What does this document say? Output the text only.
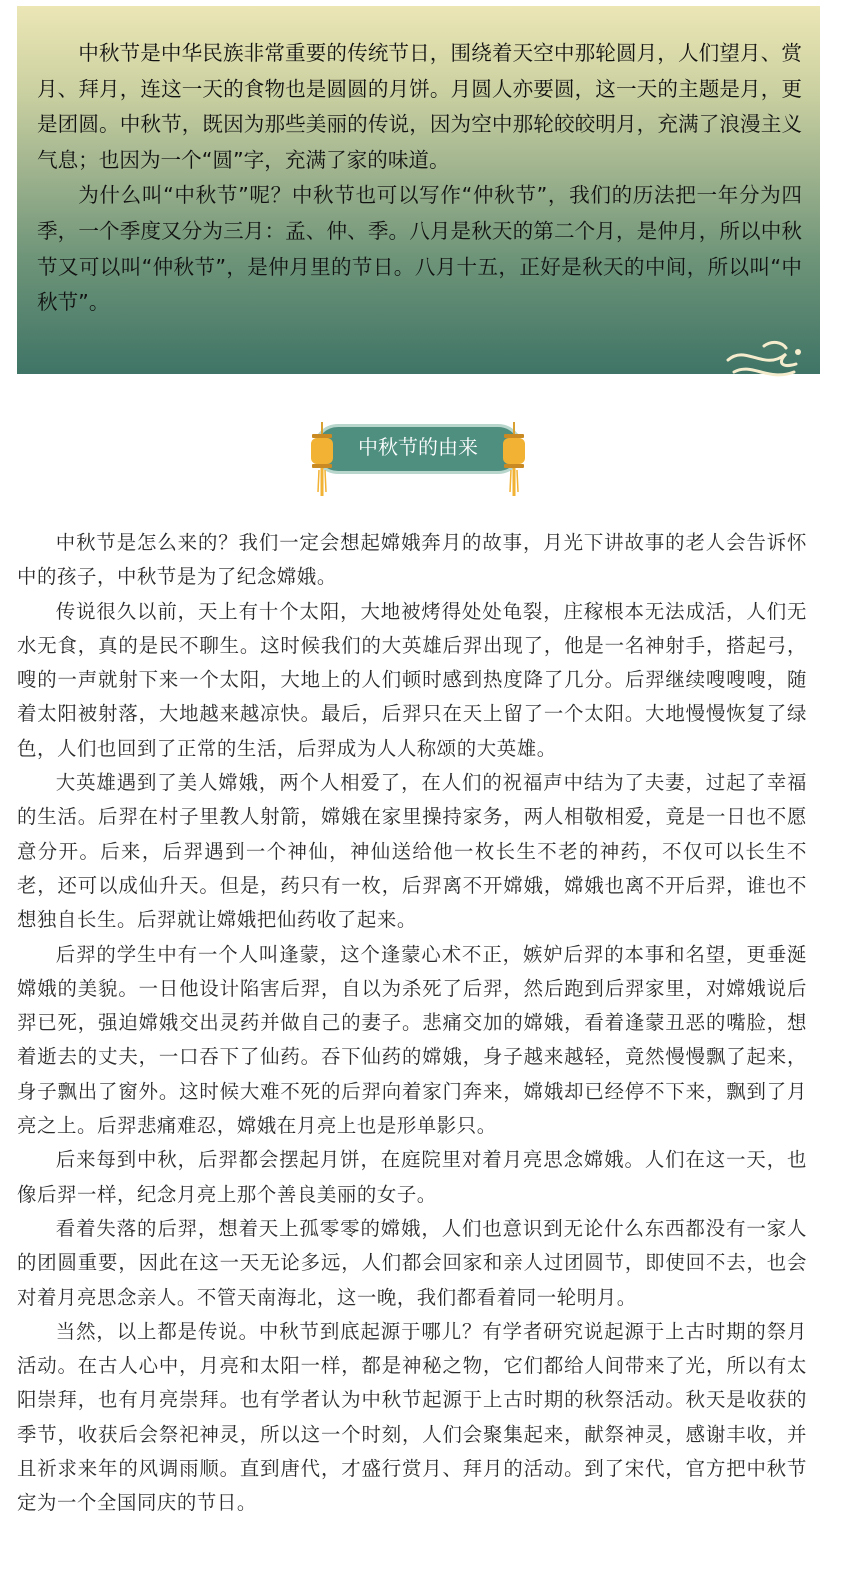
中秋节是中华民族非常重要的传统节日，围绕着天空中那轮圆月，人们望月、赏月、拜月，连这一天的食物也是圆圆的月饼。月圆人亦要圆，这一天的主题是月，更是团圆。中秋节，既因为那些美丽的传说，因为空中那轮皎皎明月，充满了浪漫主义气息；也因为一个“圆”字，充满了家的味道。

为什么叫“中秋节”呢？中秋节也可以写作“仲秋节”，我们的历法把一年分为四季，一个季度又分为三月：孟、仲、季。八月是秋天的第二个月，是仲月，所以中秋节又可以叫“仲秋节”，是仲月里的节日。八月十五，正好是秋天的中间，所以叫“中秋节”。

中秋节的由来

中秋节是怎么来的？我们一定会想起嫦娥奔月的故事，月光下讲故事的老人会告诉怀中的孩子，中秋节是为了纪念嫦娥。

传说很久以前，天上有十个太阳，大地被烤得处处龟裂，庄稼根本无法成活，人们无水无食，真的是民不聊生。这时候我们的大英雄后羿出现了，他是一名神射手，搭起弓，嗖的一声就射下来一个太阳，大地上的人们顿时感到热度降了几分。后羿继续嗖嗖嗖，随着太阳被射落，大地越来越凉快。最后，后羿只在天上留了一个太阳。大地慢慢恢复了绿色，人们也回到了正常的生活，后羿成为人人称颂的大英雄。

大英雄遇到了美人嫦娥，两个人相爱了，在人们的祝福声中结为了夫妻，过起了幸福的生活。后羿在村子里教人射箭，嫦娥在家里操持家务，两人相敬相爱，竟是一日也不愿意分开。后来，后羿遇到一个神仙，神仙送给他一枚长生不老的神药，不仅可以长生不老，还可以成仙升天。但是，药只有一枚，后羿离不开嫦娥，嫦娥也离不开后羿，谁也不想独自长生。后羿就让嫦娥把仙药收了起来。

后羿的学生中有一个人叫逢蒙，这个逢蒙心术不正，嫉妒后羿的本事和名望，更垂涎嫦娥的美貌。一日他设计陷害后羿，自以为杀死了后羿，然后跑到后羿家里，对嫦娥说后羿已死，强迫嫦娥交出灵药并做自己的妻子。悲痛交加的嫦娥，看着逢蒙丑恶的嘴脸，想着逝去的丈夫，一口吞下了仙药。吞下仙药的嫦娥，身子越来越轻，竟然慢慢飘了起来，身子飘出了窗外。这时候大难不死的后羿向着家门奔来，嫦娥却已经停不下来，飘到了月亮之上。后羿悲痛难忍，嫦娥在月亮上也是形单影只。

后来每到中秋，后羿都会摆起月饼，在庭院里对着月亮思念嫦娥。人们在这一天，也像后羿一样，纪念月亮上那个善良美丽的女子。

看着失落的后羿，想着天上孤零零的嫦娥，人们也意识到无论什么东西都没有一家人的团圆重要，因此在这一天无论多远，人们都会回家和亲人过团圆节，即使回不去，也会对着月亮思念亲人。不管天南海北，这一晚，我们都看着同一轮明月。

当然，以上都是传说。中秋节到底起源于哪儿？有学者研究说起源于上古时期的祭月活动。在古人心中，月亮和太阳一样，都是神秘之物，它们都给人间带来了光，所以有太阳崇拜，也有月亮崇拜。也有学者认为中秋节起源于上古时期的秋祭活动。秋天是收获的季节，收获后会祭祀神灵，所以这一个时刻，人们会聚集起来，献祭神灵，感谢丰收，并且祈求来年的风调雨顺。直到唐代，才盛行赏月、拜月的活动。到了宋代，官方把中秋节定为一个全国同庆的节日。
